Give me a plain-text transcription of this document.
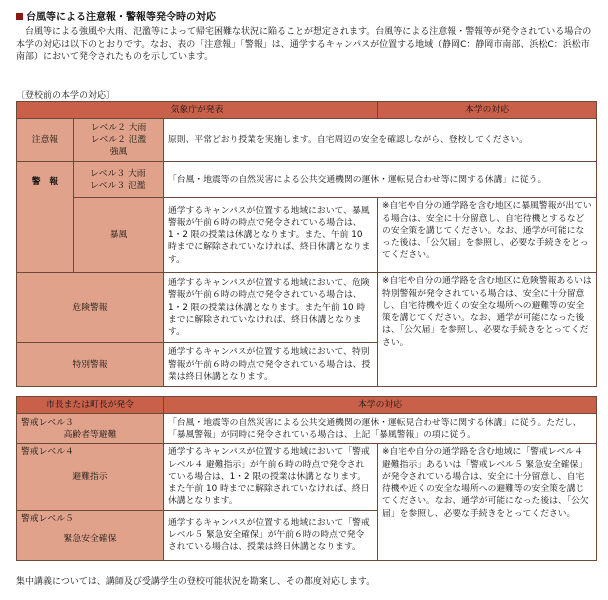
台風等による注意報・警報等発令時の対応
　台風等による強風や大雨、氾濫等によって帰宅困難な状況に陥ることが想定されます。台風等による注意報・警報等が発令されている場合の本学の対応は以下のとおりです。なお、表の「注意報」「警報」は、通学するキャンパスが位置する地域（静岡C：静岡市南部、浜松C：浜松市南部）において発令されたものを示しています。
〔登校前の本学の対応〕
気象庁が発表			本学の対応
注意報	レベル２ 大雨
レベル２ 氾濫
強風	原則、平常どおり授業を実施します。自宅周辺の安全を確認しながら、登校してください。	
警　報	レベル３ 大雨
レベル３ 氾濫	「台風・地震等の自然災害による公共交通機関の運休・運転見合わせ等に関する休講」に従う。	
	暴風	通学するキャンパスが位置する地域において、暴風警報が午前６時の時点で発令されている場合は、1・2 限の授業は休講となります。また、午前 10 時までに解除されていなければ、終日休講となります。	※自宅や自分の通学路を含む地区に暴風警報が出ている場合は、安全に十分留意し、自宅待機とするなどの安全策を講じてください。なお、通学が可能になった後は、「公欠届」を参照し、必要な手続きをとってください。
危険警報		通学するキャンパスが位置する地域において、危険警報が午前６時の時点で発令されている場合は、1・2 限の授業は休講となります。また午前 10 時までに解除されていなければ、終日休講となります。	※自宅や自分の通学路を含む地区に危険警報あるいは特別警報が発令されている場合は、安全に十分留意し、自宅待機や近くの安全な場所への避難等の安全策を講じてください。なお、通学が可能になった後は、「公欠届」を参照し、必要な手続きをとってください。
特別警報		通学するキャンパスが位置する地域において、特別警報が午前６時の時点で発令されている場合は、授業は終日休講となります。	
市長または町長が発令	本学の対応	

警戒レベル３
高齢者等避難	「台風・地震等の自然災害による公共交通機関の運休・運転見合わせ等に関する休講」に従う。ただし、「暴風警報」が同時に発令されている場合は、上記「暴風警報」の項に従う。	

警戒レベル４
避難指示	通学するキャンパスが位置する地域において「警戒レベル４ 避難指示」が午前６時の時点で発令されている場合は、1・2 限の授業は休講となります。また午前 10 時までに解除されていなければ、終日休講となります。	※自宅や自分の通学路を含む地域に「警戒レベル４ 避難指示」あるいは「警戒レベル５ 緊急安全確保」が発令されている場合は、安全に十分留意し、自宅待機や近くの安全な場所への避難等の安全策を講じてください。なお、通学が可能になった後は、「公欠届」を参照し、必要な手続きをとってください。

警戒レベル５
緊急安全確保	通学するキャンパスが位置する地域において「警戒レベル５ 緊急安全確保」が午前６時の時点で発令されている場合は、授業は終日休講となります。	
集中講義については、講師及び受講学生の登校可能状況を勘案し、その都度対応します。
